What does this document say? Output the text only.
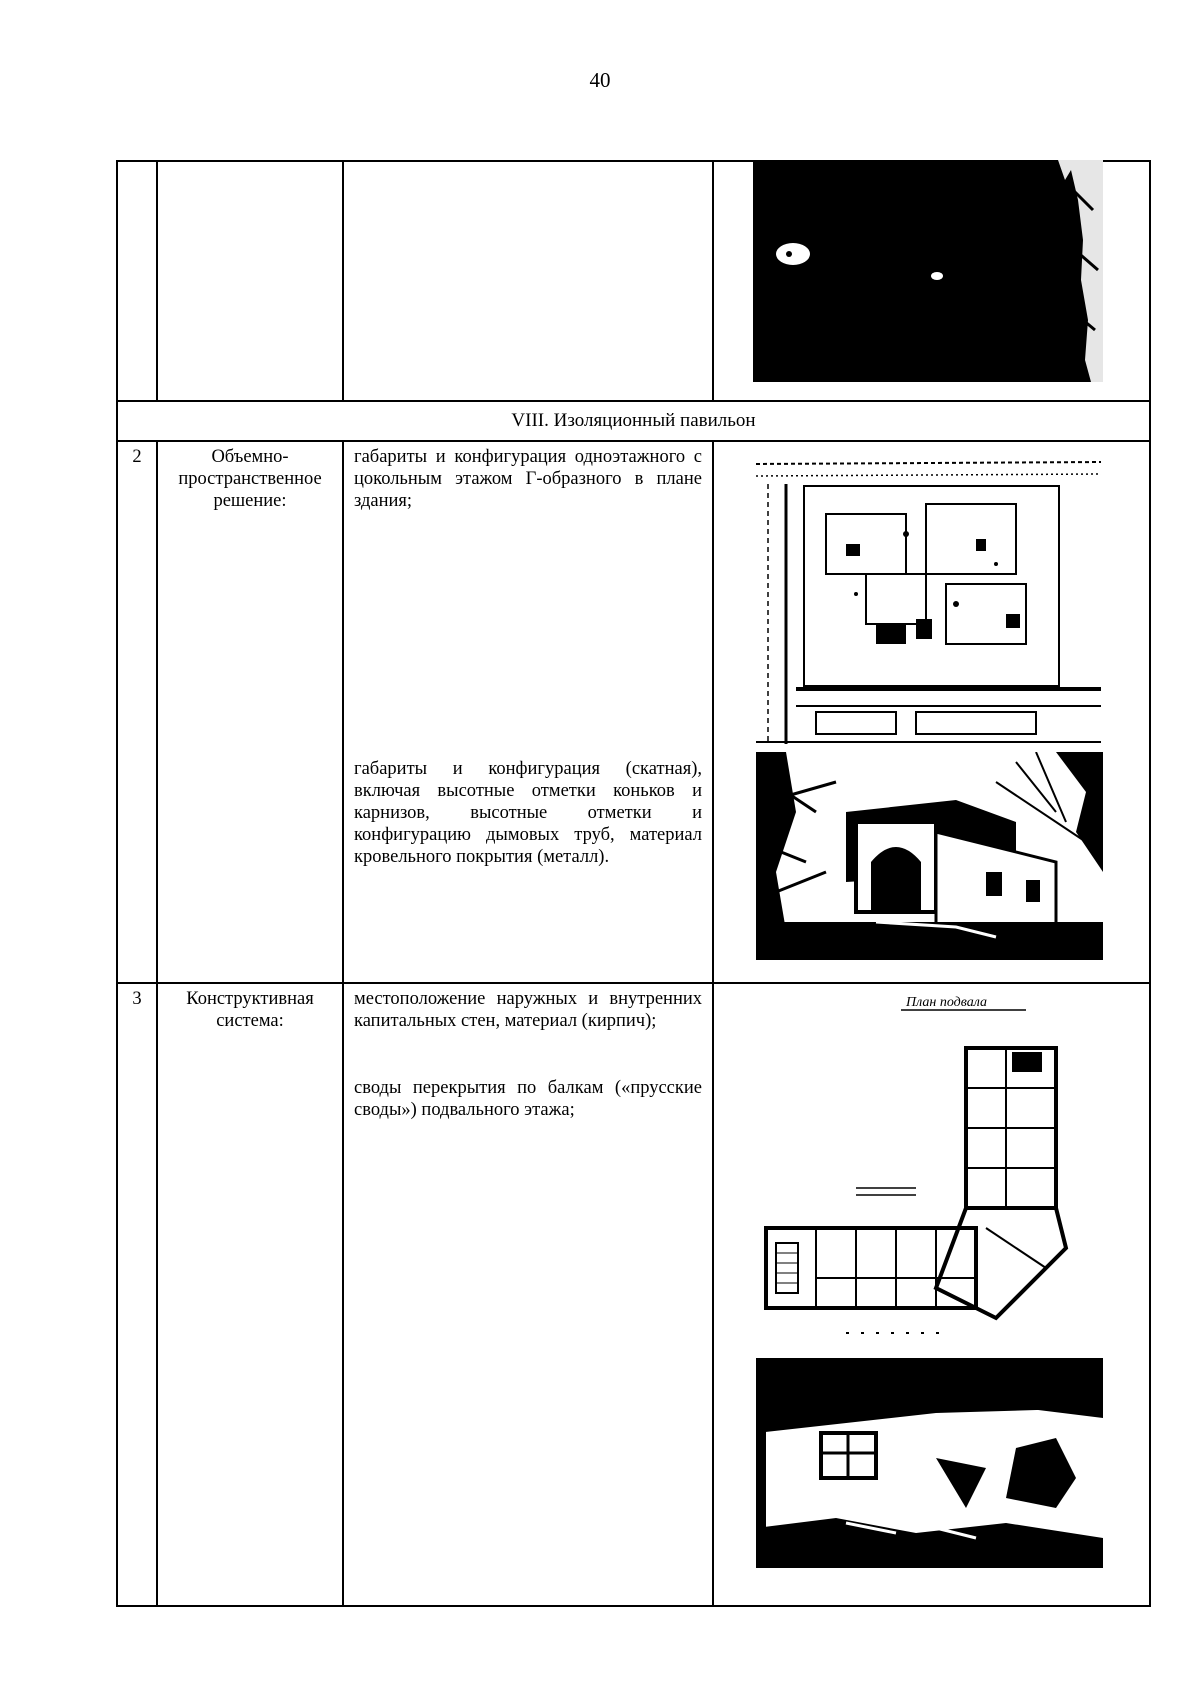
40
VIII. Изоляционный павильон
2	Объемно-
пространственное
решение:
габариты и конфигурация одноэтажного с цокольным этажом Г-образного в плане здания;
габариты и конфигурация (скатная), включая высотные отметки коньков и карнизов, высотные отметки и конфигурацию дымовых труб, материал кровельного покрытия (металл).
3	Конструктивная
система:
местоположение наружных и внутренних капитальных стен, материал (кирпич);
своды перекрытия по балкам («прусские своды») подвального этажа;
План подвала
